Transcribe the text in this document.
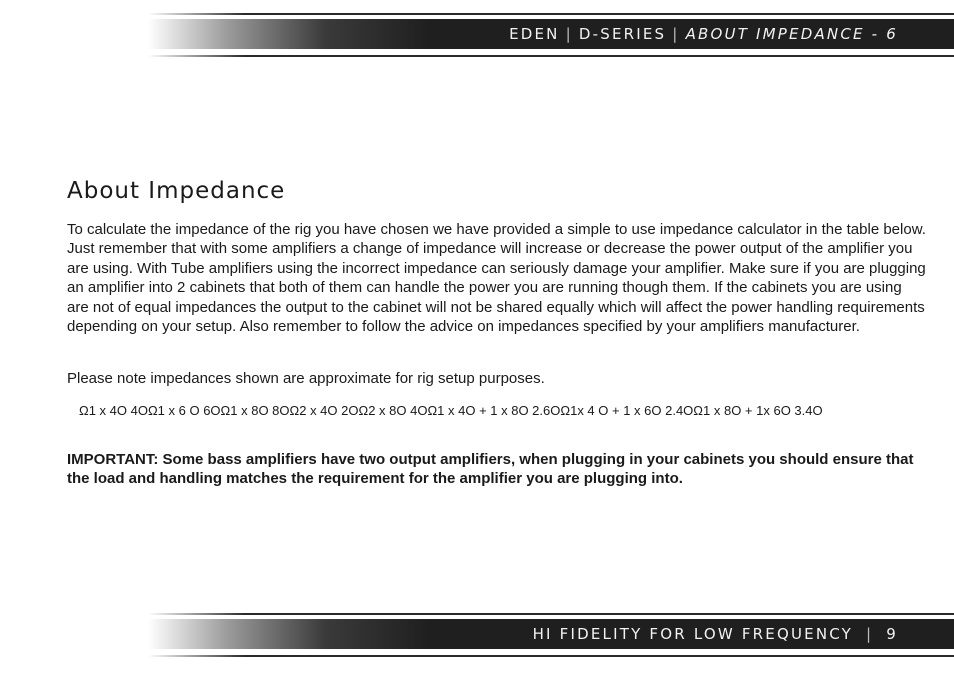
EDEN | D-SERIES | ABOUT IMPEDANCE - 6
About Impedance

To calculate the impedance of the rig you have chosen we have provided a simple to use impedance calculator in the table below. Just remember that with some amplifiers a change of impedance will increase or decrease the power output of the amplifier you are using. With Tube amplifiers using the incorrect impedance can seriously damage your amplifier. Make sure if you are plugging an amplifier into 2 cabinets that both of them can handle the power you are running though them. If the cabinets you are using are not of equal impedances the output to the cabinet will not be shared equally which will affect the power handling requirements depending on your setup. Also remember to follow the advice on impedances specified by your amplifiers manufacturer.

Please note impedances shown are approximate for rig setup purposes.

Ω1 x 4O 4OΩ1 x 6 O 6OΩ1 x 8O 8OΩ2 x 4O 2OΩ2 x 8O 4OΩ1 x 4O + 1 x 8O 2.6OΩ1x 4 O + 1 x 6O 2.4OΩ1 x 8O + 1x 6O 3.4O

IMPORTANT: Some bass amplifiers have two output amplifiers, when plugging in your cabinets you should ensure that the load and handling matches the requirement for the amplifier you are plugging into.

HI FIDELITY FOR LOW FREQUENCY | 9
